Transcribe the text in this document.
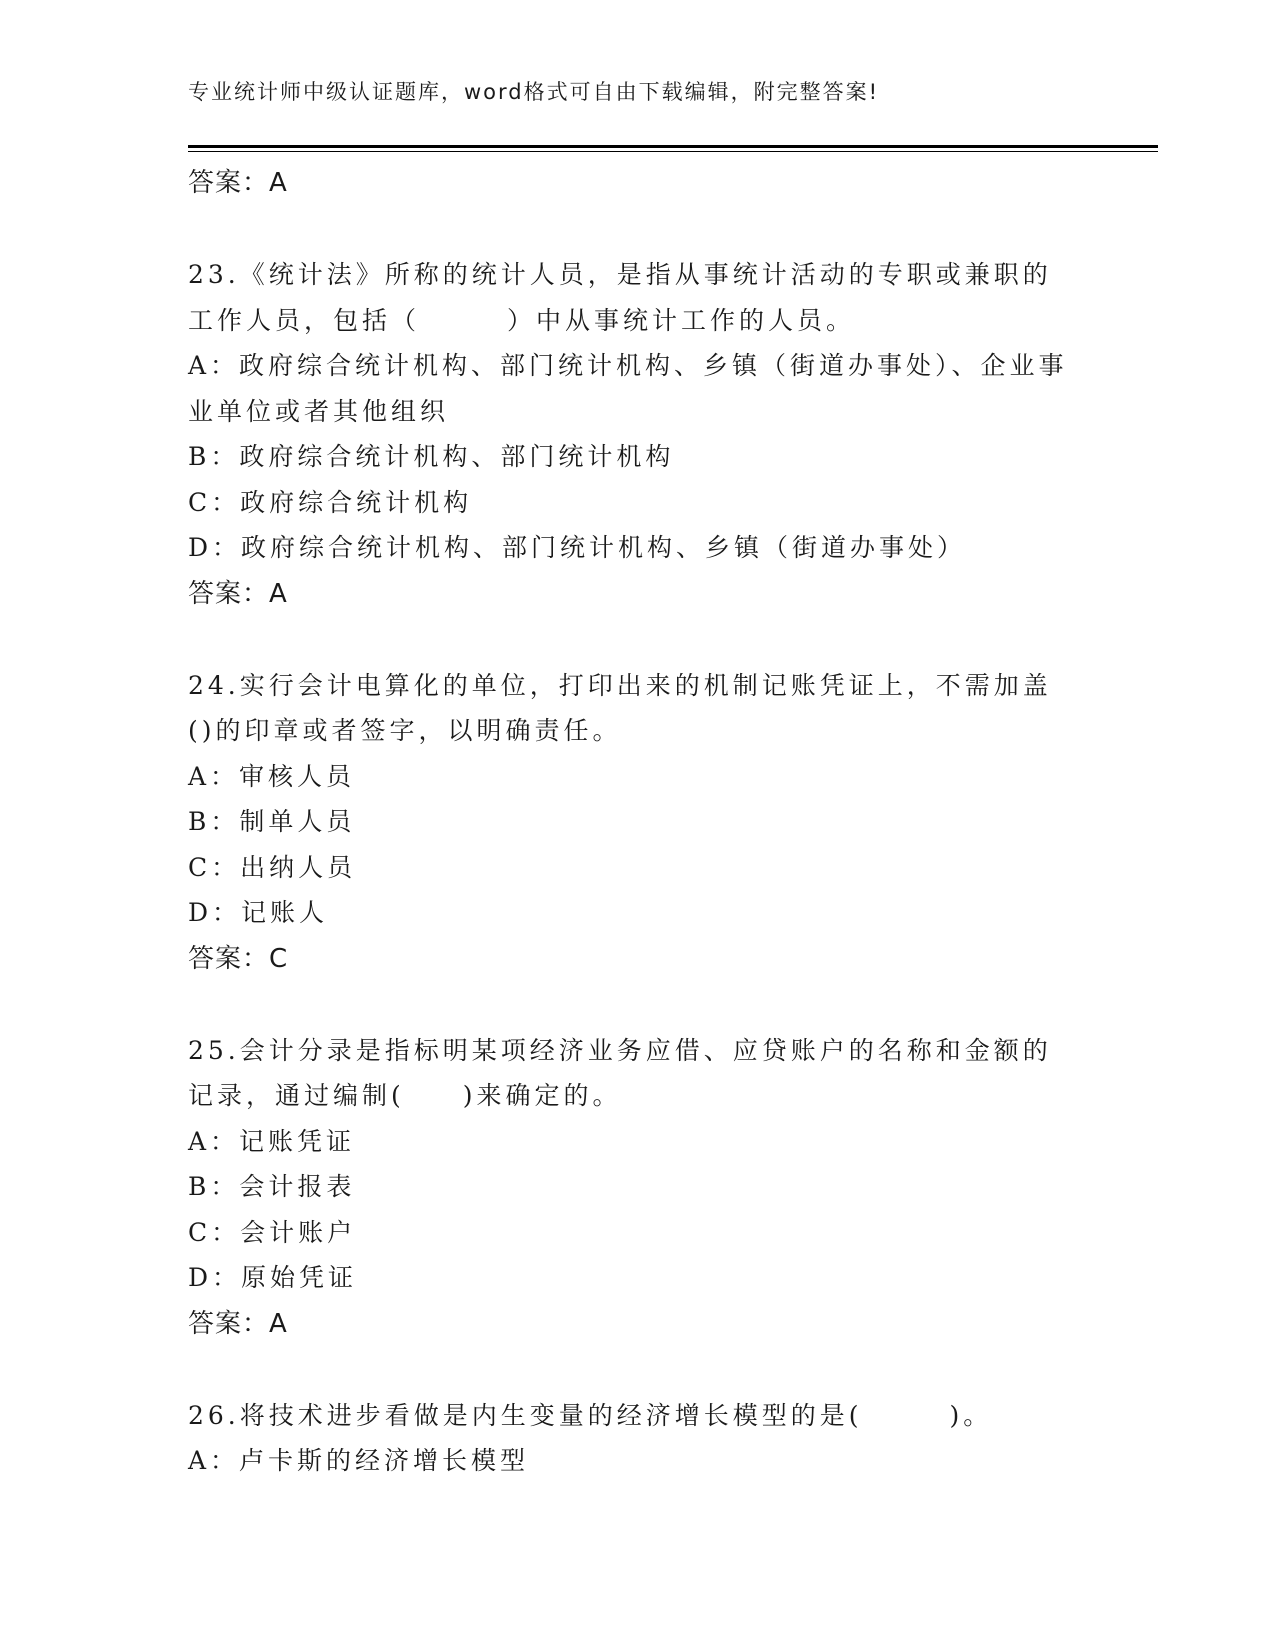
专业统计师中级认证题库，word格式可自由下载编辑，附完整答案!
答案：A
23.《统计法》所称的统计人员，是指从事统计活动的专职或兼职的工作人员，包括（　　　）中从事统计工作的人员。
A：政府综合统计机构、部门统计机构、乡镇（街道办事处）、企业事业单位或者其他组织
B：政府综合统计机构、部门统计机构
C：政府综合统计机构
D：政府综合统计机构、部门统计机构、乡镇（街道办事处）
答案：A
24.实行会计电算化的单位，打印出来的机制记账凭证上，不需加盖()的印章或者签字，以明确责任。
A：审核人员
B：制单人员
C：出纳人员
D：记账人
答案：C
25.会计分录是指标明某项经济业务应借、应贷账户的名称和金额的记录，通过编制(　　)来确定的。
A：记账凭证
B：会计报表
C：会计账户
D：原始凭证
答案：A
26.将技术进步看做是内生变量的经济增长模型的是(　　　)。
A：卢卡斯的经济增长模型
